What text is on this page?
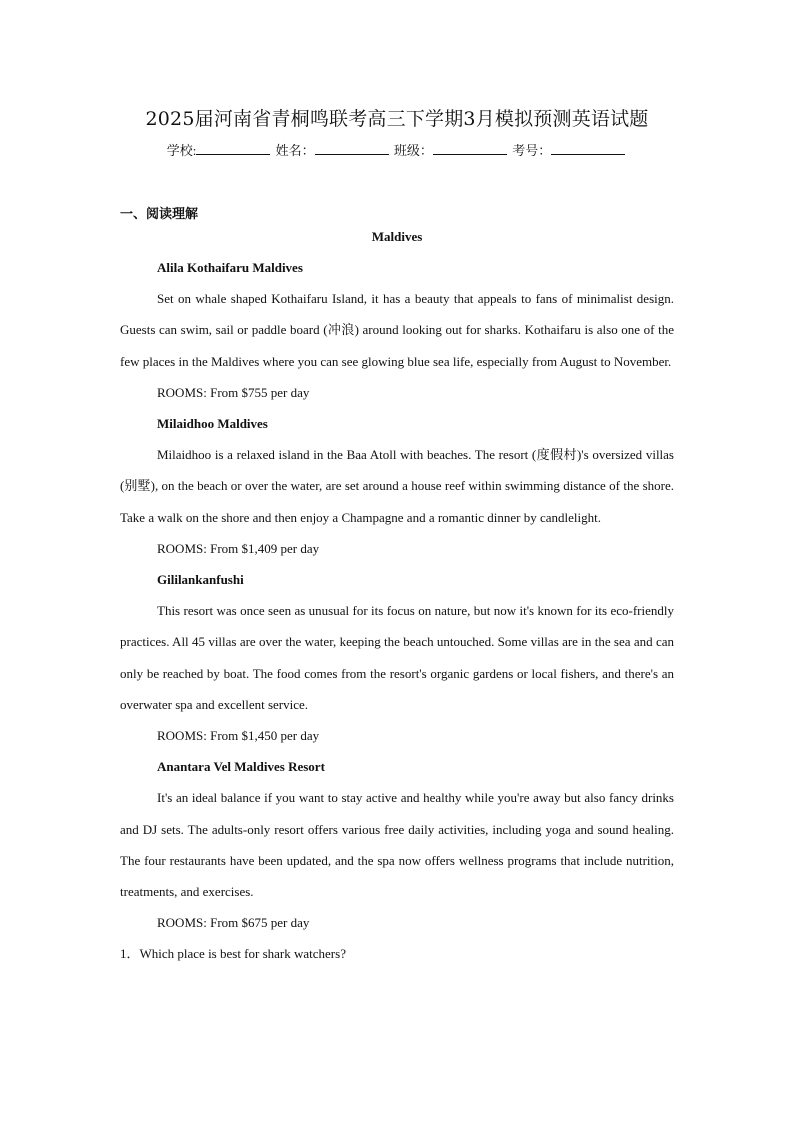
2025届河南省青桐鸣联考高三下学期3月模拟预测英语试题
学校:	姓名：	班级：	考号：
一、阅读理解
Maldives

Alila Kothaifaru Maldives

Set on whale shaped Kothaifaru Island, it has a beauty that appeals to fans of minimalist design. Guests can swim, sail or paddle board (冲浪) around looking out for sharks. Kothaifaru is also one of the few places in the Maldives where you can see glowing blue sea life, especially from August to November.

ROOMS: From $755 per day

Milaidhoo Maldives

Milaidhoo is a relaxed island in the Baa Atoll with beaches. The resort (度假村)'s oversized villas (别墅), on the beach or over the water, are set around a house reef within swimming distance of the shore. Take a walk on the shore and then enjoy a Champagne and a romantic dinner by candlelight.

ROOMS: From $1,409 per day

Gililankanfushi

This resort was once seen as unusual for its focus on nature, but now it's known for its eco-friendly practices. All 45 villas are over the water, keeping the beach untouched. Some villas are in the sea and can only be reached by boat. The food comes from the resort's organic gardens or local fishers, and there's an overwater spa and excellent service.

ROOMS: From $1,450 per day

Anantara Vel Maldives Resort

It's an ideal balance if you want to stay active and healthy while you're away but also fancy drinks and DJ sets. The adults-only resort offers various free daily activities, including yoga and sound healing. The four restaurants have been updated, and the spa now offers wellness programs that include nutrition, treatments, and exercises.

ROOMS: From $675 per day

1．Which place is best for shark watchers?
